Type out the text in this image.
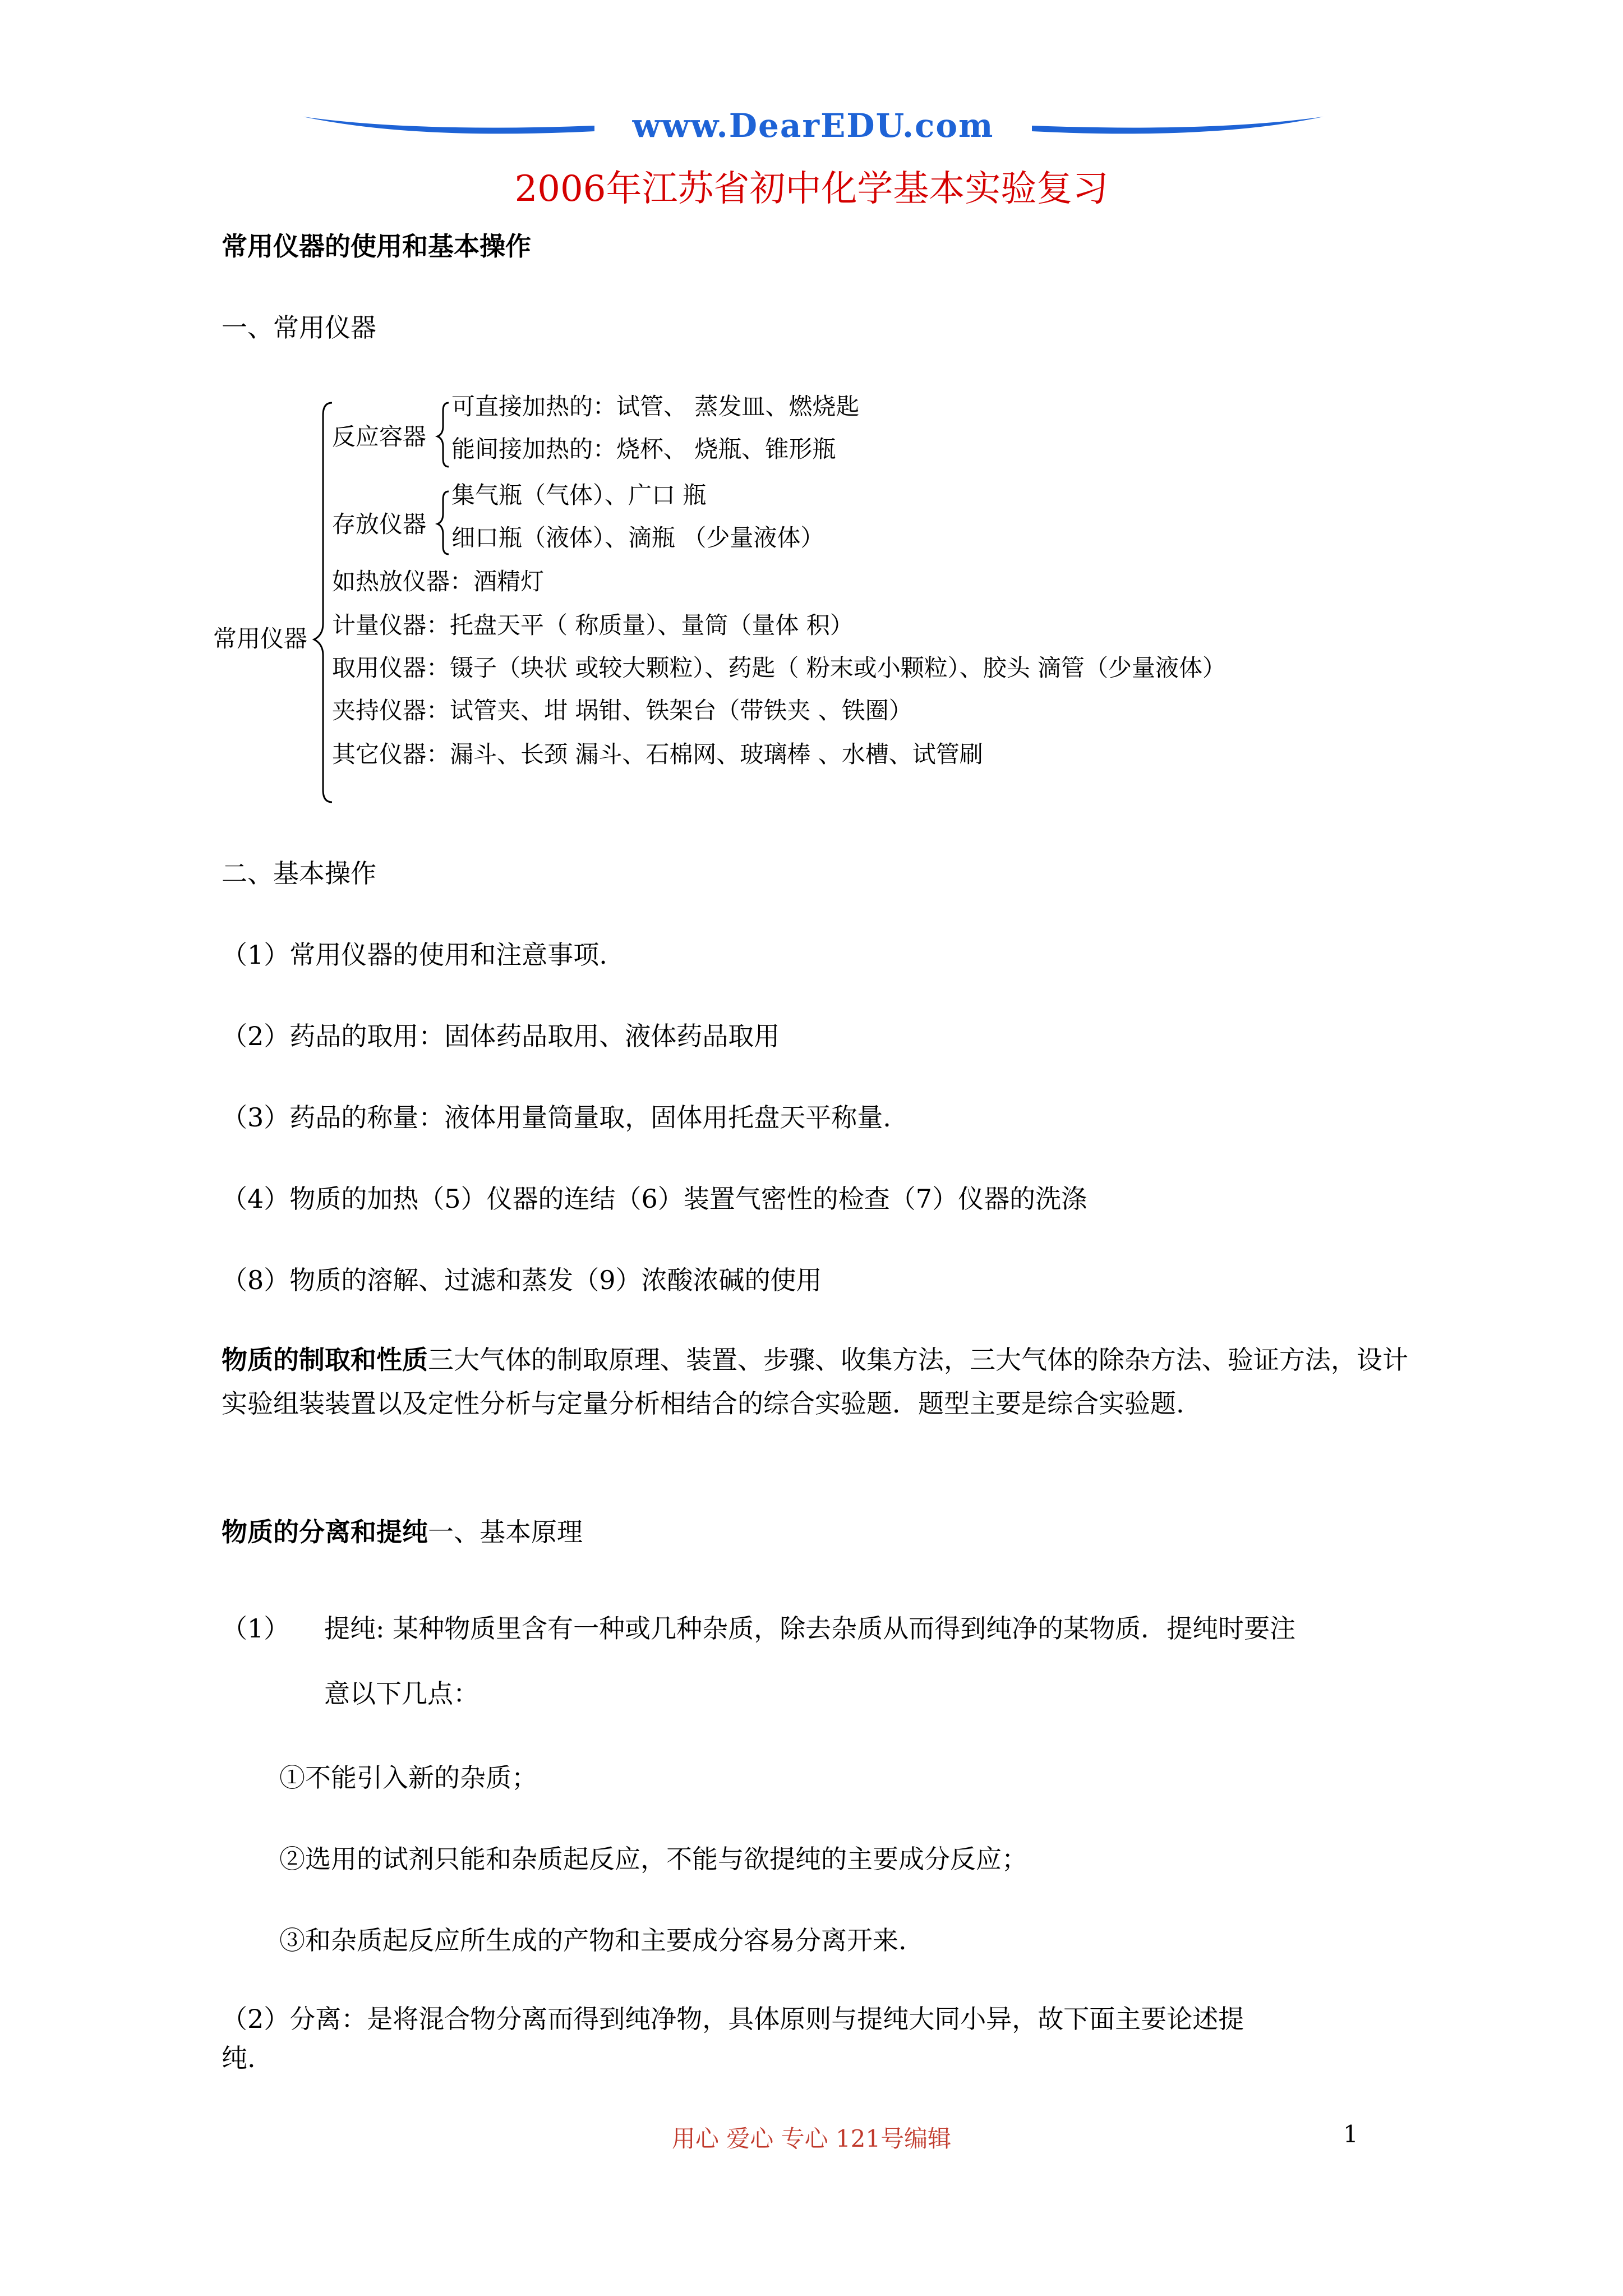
www.DearEDU.com
2006年江苏省初中化学基本实验复习
常用仪器的使用和基本操作
一、常用仪器
常用仪器
反应容器
可直接加热的：试管、 蒸发皿、燃烧匙
能间接加热的：烧杯、 烧瓶、锥形瓶
存放仪器
集气瓶（气体）、广口 瓶
细口瓶（液体）、滴瓶 （少量液体）
如热放仪器：酒精灯
计量仪器：托盘天平（ 称质量）、量筒（量体 积）
取用仪器：镊子（块状 或较大颗粒）、药匙（ 粉末或小颗粒）、胶头 滴管（少量液体）
夹持仪器：试管夹、坩 埚钳、铁架台（带铁夹 、铁圈）
其它仪器：漏斗、长颈 漏斗、石棉网、玻璃棒 、水槽、试管刷
二、基本操作
（1）常用仪器的使用和注意事项.
（2）药品的取用：固体药品取用、液体药品取用
（3）药品的称量：液体用量筒量取，固体用托盘天平称量.
（4）物质的加热（5）仪器的连结（6）装置气密性的检查（7）仪器的洗涤
（8）物质的溶解、过滤和蒸发（9）浓酸浓碱的使用
物质的制取和性质三大气体的制取原理、装置、步骤、收集方法，三大气体的除杂方法、验证方法，设计实验组装装置以及定性分析与定量分析相结合的综合实验题．题型主要是综合实验题.
物质的分离和提纯一、基本原理
（1） 提纯: 某种物质里含有一种或几种杂质，除去杂质从而得到纯净的某物质．提纯时要注
意以下几点：
①不能引入新的杂质；
②选用的试剂只能和杂质起反应，不能与欲提纯的主要成分反应；
③和杂质起反应所生成的产物和主要成分容易分离开来.
（2）分离：是将混合物分离而得到纯净物，具体原则与提纯大同小异，故下面主要论述提
纯.
用心 爱心 专心 121号编辑	1
